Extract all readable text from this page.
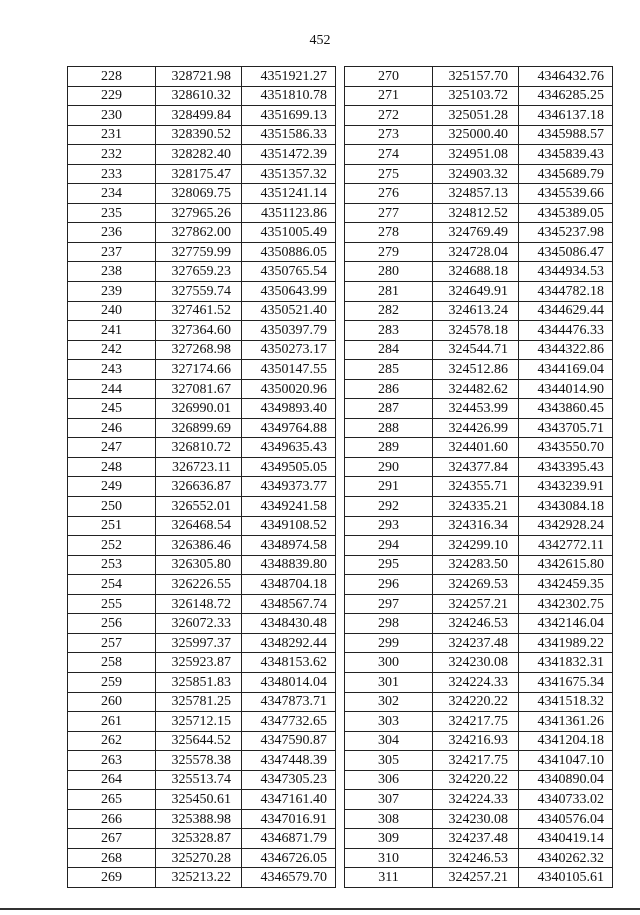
452
228	328721.98	4351921.27
229	328610.32	4351810.78
230	328499.84	4351699.13
231	328390.52	4351586.33
232	328282.40	4351472.39
233	328175.47	4351357.32
234	328069.75	4351241.14
235	327965.26	4351123.86
236	327862.00	4351005.49
237	327759.99	4350886.05
238	327659.23	4350765.54
239	327559.74	4350643.99
240	327461.52	4350521.40
241	327364.60	4350397.79
242	327268.98	4350273.17
243	327174.66	4350147.55
244	327081.67	4350020.96
245	326990.01	4349893.40
246	326899.69	4349764.88
247	326810.72	4349635.43
248	326723.11	4349505.05
249	326636.87	4349373.77
250	326552.01	4349241.58
251	326468.54	4349108.52
252	326386.46	4348974.58
253	326305.80	4348839.80
254	326226.55	4348704.18
255	326148.72	4348567.74
256	326072.33	4348430.48
257	325997.37	4348292.44
258	325923.87	4348153.62
259	325851.83	4348014.04
260	325781.25	4347873.71
261	325712.15	4347732.65
262	325644.52	4347590.87
263	325578.38	4347448.39
264	325513.74	4347305.23
265	325450.61	4347161.40
266	325388.98	4347016.91
267	325328.87	4346871.79
268	325270.28	4346726.05
269	325213.22	4346579.70
270	325157.70	4346432.76
271	325103.72	4346285.25
272	325051.28	4346137.18
273	325000.40	4345988.57
274	324951.08	4345839.43
275	324903.32	4345689.79
276	324857.13	4345539.66
277	324812.52	4345389.05
278	324769.49	4345237.98
279	324728.04	4345086.47
280	324688.18	4344934.53
281	324649.91	4344782.18
282	324613.24	4344629.44
283	324578.18	4344476.33
284	324544.71	4344322.86
285	324512.86	4344169.04
286	324482.62	4344014.90
287	324453.99	4343860.45
288	324426.99	4343705.71
289	324401.60	4343550.70
290	324377.84	4343395.43
291	324355.71	4343239.91
292	324335.21	4343084.18
293	324316.34	4342928.24
294	324299.10	4342772.11
295	324283.50	4342615.80
296	324269.53	4342459.35
297	324257.21	4342302.75
298	324246.53	4342146.04
299	324237.48	4341989.22
300	324230.08	4341832.31
301	324224.33	4341675.34
302	324220.22	4341518.32
303	324217.75	4341361.26
304	324216.93	4341204.18
305	324217.75	4341047.10
306	324220.22	4340890.04
307	324224.33	4340733.02
308	324230.08	4340576.04
309	324237.48	4340419.14
310	324246.53	4340262.32
311	324257.21	4340105.61
